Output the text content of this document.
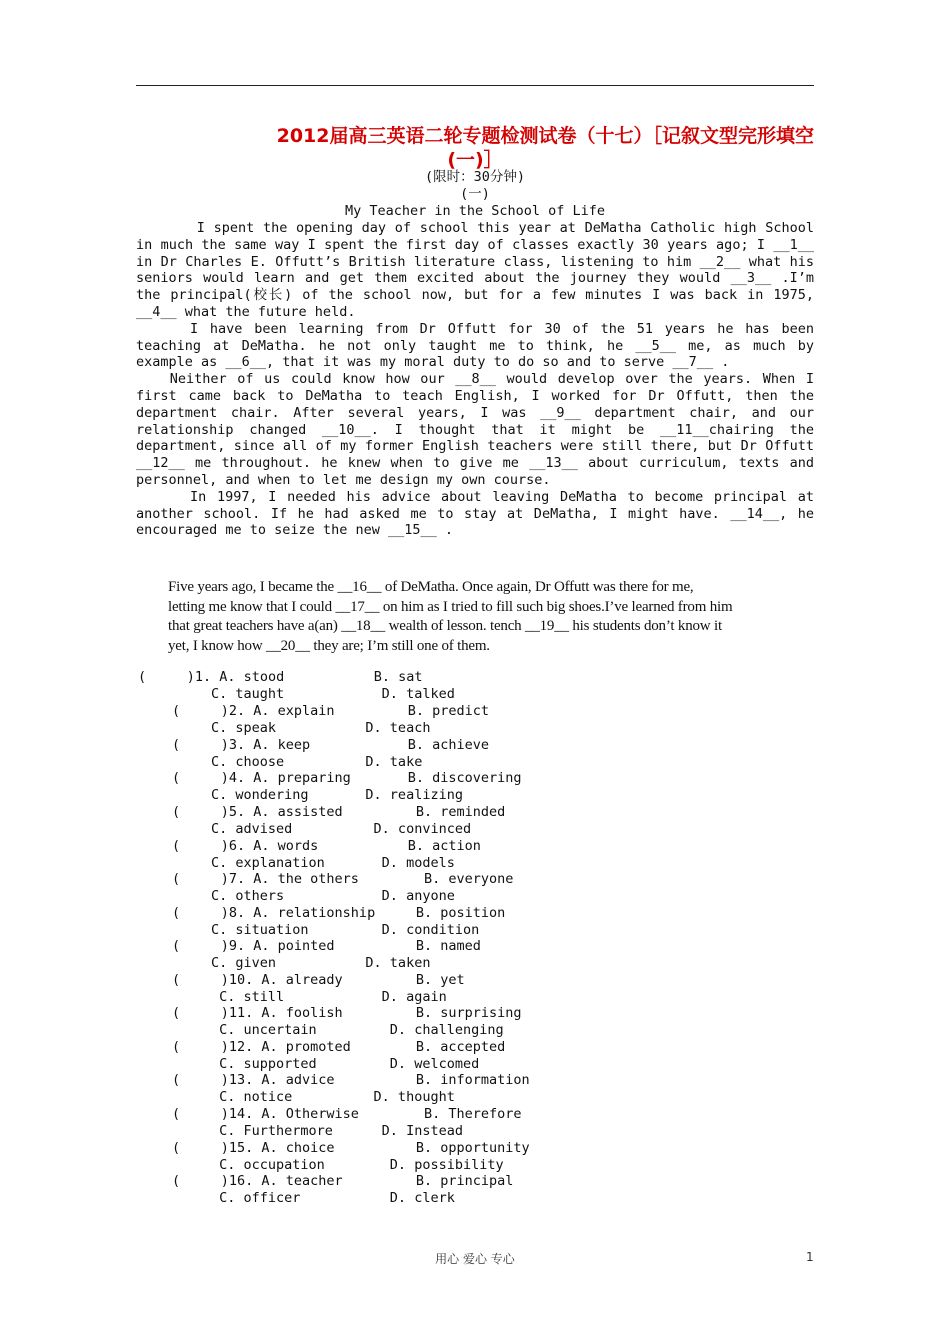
2012届高三英语二轮专题检测试卷（十七）［记叙文型完形填空
(一)］
(限时：30分钟)
(一)
My Teacher in the School of Life

I spent the opening day of school this year at DeMatha Catholic high School in much the same way I spent the first day of classes exactly 30 years ago; I __1__ in Dr Charles E. Offutt’s British literature class, listening to him __2__ what his seniors would learn and get them excited about the journey they would __3__ .I’m the principal(校长) of the school now, but for a few minutes I was back in 1975, __4__ what the future held.

I have been learning from Dr Offutt for 30 of the 51 years he has been teaching at DeMatha. he not only taught me to think, he __5__ me, as much by example as __6__, that it was my moral duty to do so and to serve __7__ .

Neither of us could know how our __8__ would develop over the years. When I first came back to DeMatha to teach English, I worked for Dr Offutt, then the department chair. After several years, I was __9__ department chair, and our relationship changed __10__. I thought that it might be __11__chairing the department, since all of my former English teachers were still there, but Dr Offutt __12__ me throughout. he knew when to give me __13__ about curriculum, texts and personnel, and when to let me design my own course.

In 1997, I needed his advice about leaving DeMatha to become principal at another school. If he had asked me to stay at DeMatha, I might have. __14__, he encouraged me to seize the new __15__ .

Five years ago, I became the __16__ of DeMatha. Once again, Dr Offutt was there for me,

letting me know that I could __17__ on him as I tried to fill such big shoes.I’ve learned from him

that great teachers have a(an) __18__ wealth of lesson. tench __19__ his students don’t know it

yet, I know how __20__ they are; I’m still one of them.

(     )1. A. stood           B. sat
C. taught            D. talked
(     )2. A. explain         B. predict
C. speak           D. teach
(     )3. A. keep            B. achieve
C. choose          D. take
(     )4. A. preparing       B. discovering
C. wondering       D. realizing
(     )5. A. assisted         B. reminded
C. advised          D. convinced
(     )6. A. words           B. action
C. explanation       D. models
(     )7. A. the others        B. everyone
C. others            D. anyone
(     )8. A. relationship     B. position
C. situation         D. condition
(     )9. A. pointed          B. named
C. given           D. taken
(     )10. A. already         B. yet
C. still            D. again
(     )11. A. foolish         B. surprising
C. uncertain         D. challenging
(     )12. A. promoted        B. accepted
C. supported         D. welcomed
(     )13. A. advice          B. information
C. notice          D. thought
(     )14. A. Otherwise        B. Therefore
C. Furthermore      D. Instead
(     )15. A. choice          B. opportunity
C. occupation        D. possibility
(     )16. A. teacher         B. principal
C. officer           D. clerk
用心 爱心 专心	1
